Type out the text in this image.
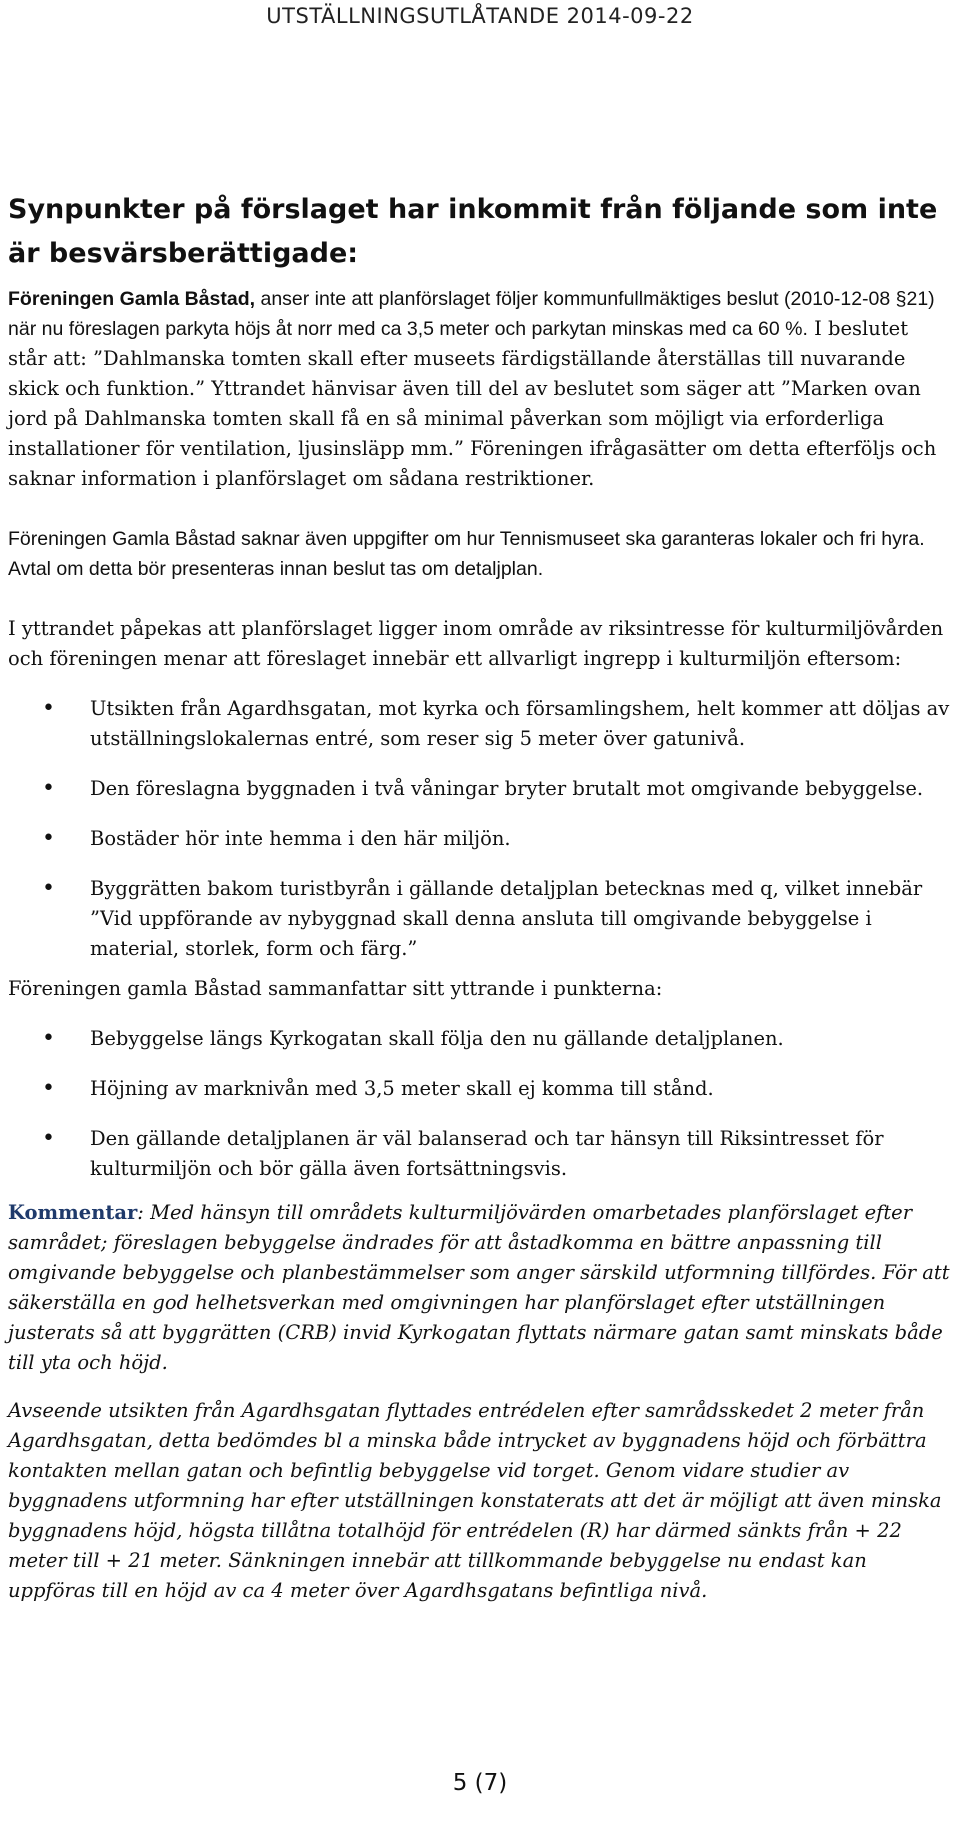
UTSTÄLLNINGSUTLÅTANDE 2014-09-22
Synpunkter på förslaget har inkommit från följande som inte är besvärsberättigade:

Föreningen Gamla Båstad, anser inte att planförslaget följer kommunfullmäktiges beslut (2010-12-08 §21) när nu föreslagen parkyta höjs åt norr med ca 3,5 meter och parkytan minskas med ca 60 %. I beslutet står att: ”Dahlmanska tomten skall efter museets färdigställande återställas till nuvarande skick och funktion.” Yttrandet hänvisar även till del av beslutet som säger att ”Marken ovan jord på Dahlmanska tomten skall få en så minimal påverkan som möjligt via erforderliga installationer för ventilation, ljusinsläpp mm.” Föreningen ifrågasätter om detta efterföljs och saknar information i planförslaget om sådana restriktioner.

Föreningen Gamla Båstad saknar även uppgifter om hur Tennismuseet ska garanteras lokaler och fri hyra. Avtal om detta bör presenteras innan beslut tas om detaljplan.

I yttrandet påpekas att planförslaget ligger inom område av riksintresse för kulturmiljövården och föreningen menar att föreslaget innebär ett allvarligt ingrepp i kulturmiljön eftersom:

• Utsikten från Agardhsgatan, mot kyrka och församlingshem, helt kommer att döljas av utställningslokalernas entré, som reser sig 5 meter över gatunivå.
• Den föreslagna byggnaden i två våningar bryter brutalt mot omgivande bebyggelse.
• Bostäder hör inte hemma i den här miljön.
• Byggrätten bakom turistbyrån i gällande detaljplan betecknas med q, vilket innebär ”Vid uppförande av nybyggnad skall denna ansluta till omgivande bebyggelse i material, storlek, form och färg.”

Föreningen gamla Båstad sammanfattar sitt yttrande i punkterna:

• Bebyggelse längs Kyrkogatan skall följa den nu gällande detaljplanen.
• Höjning av marknivån med 3,5 meter skall ej komma till stånd.
• Den gällande detaljplanen är väl balanserad och tar hänsyn till Riksintresset för kulturmiljön och bör gälla även fortsättningsvis.

Kommentar: Med hänsyn till områdets kulturmiljövärden omarbetades planförslaget efter samrådet; föreslagen bebyggelse ändrades för att åstadkomma en bättre anpassning till omgivande bebyggelse och planbestämmelser som anger särskild utformning tillfördes. För att säkerställa en god helhetsverkan med omgivningen har planförslaget efter utställningen justerats så att byggrätten (CRB) invid Kyrkogatan flyttats närmare gatan samt minskats både till yta och höjd.

Avseende utsikten från Agardhsgatan flyttades entrédelen efter samrådsskedet 2 meter från Agardhsgatan, detta bedömdes bl a minska både intrycket av byggnadens höjd och förbättra kontakten mellan gatan och befintlig bebyggelse vid torget. Genom vidare studier av byggnadens utformning har efter utställningen konstaterats att det är möjligt att även minska byggnadens höjd, högsta tillåtna totalhöjd för entrédelen (R) har därmed sänkts från + 22 meter till + 21 meter. Sänkningen innebär att tillkommande bebyggelse nu endast kan uppföras till en höjd av ca 4 meter över Agardhsgatans befintliga nivå.

5 (7)
